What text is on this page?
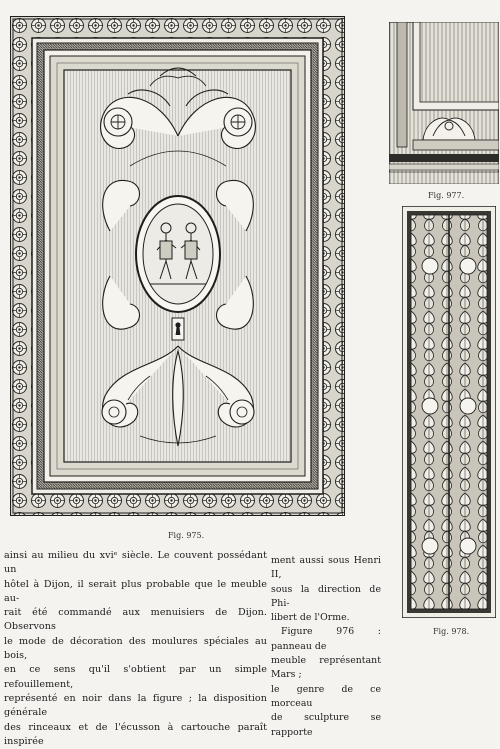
Fig. 975.
Fig. 977.
Fig. 978.

ainsi au milieu du xviᵉ siècle. Le couvent possédant un

hôtel à Dijon, il serait plus probable que le meuble au-

rait été commandé aux menuisiers de Dijon. Observons

le mode de décoration des moulures spéciales au bois,

en ce sens qu'il s'obtient par un simple refouillement,

représenté en noir dans la figure ; la disposition générale

des rinceaux et de l'écusson à cartouche paraît inspirée

ment aussi sous Henri II,

sous la direction de Phi-

libert de l'Orme.

Figure 976 : panneau de

meuble représentant Mars ;

le genre de ce morceau

de sculpture se rapporte
